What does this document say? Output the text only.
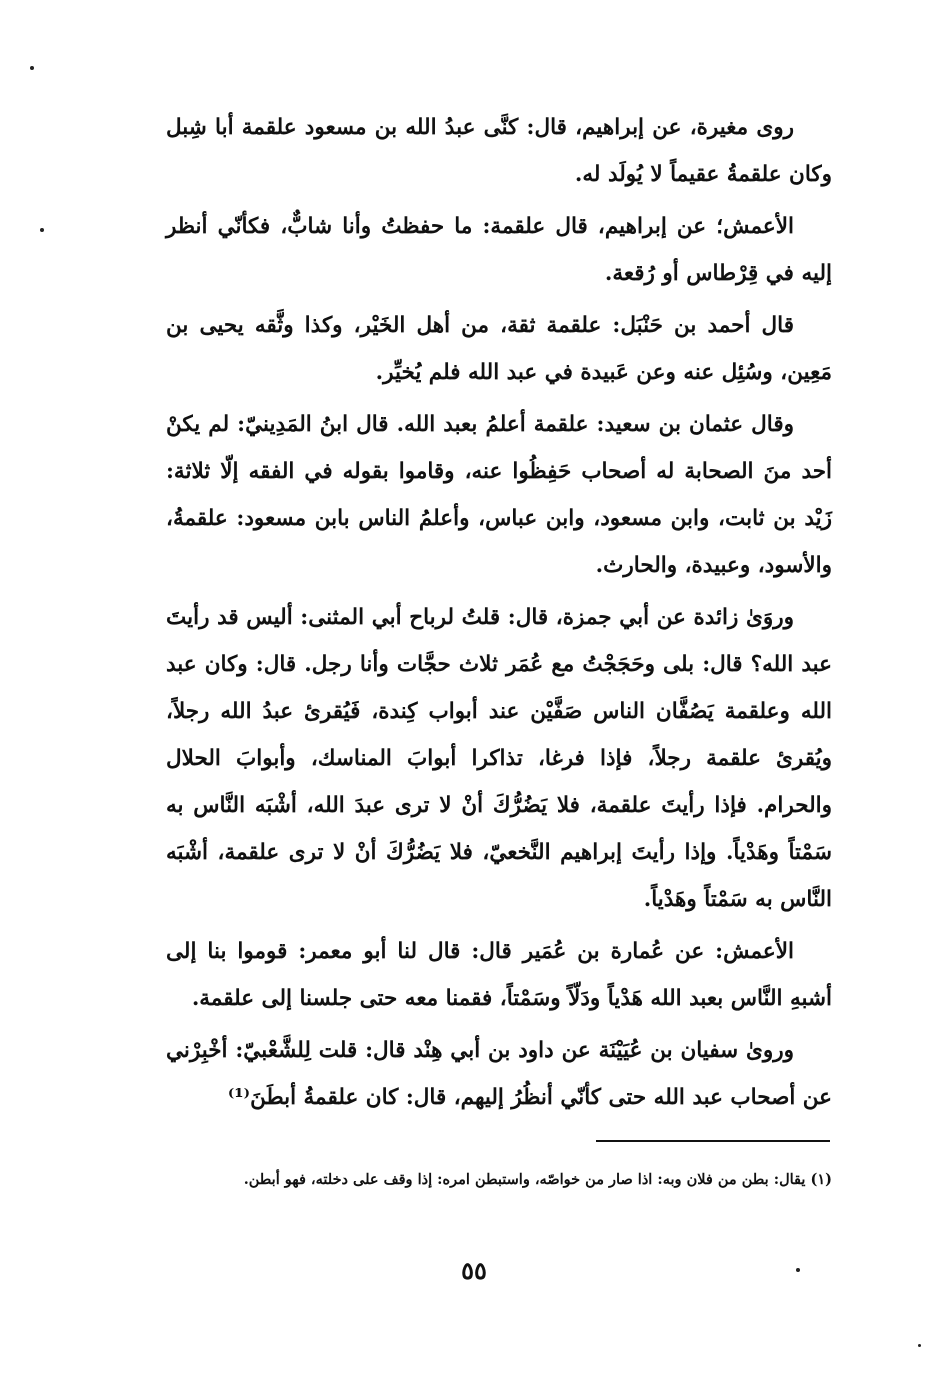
روى مغيرة، عن إبراهيم، قال: كنَّى عبدُ الله بن مسعود علقمة أبا شِبل وكان علقمةُ عقيماً لا يُولَد له.

الأعمش؛ عن إبراهيم، قال علقمة: ما حفظتُ وأنا شابٌّ، فكأنّي أنظر إليه في قِرْطاس أو رُقعة.

قال أحمد بن حَنْبَل: علقمة ثقة، من أهل الخَيْر، وكذا وثَّقه يحيى بن مَعِين، وسُئِل عنه وعن عَبيدة في عبد الله فلم يُخيِّر.

وقال عثمان بن سعيد: علقمة أعلمُ بعبد الله. قال ابنُ المَدِينيّ: لم يكنْ أحد منَ الصحابة له أصحاب حَفِظُوا عنه، وقاموا بقوله في الفقه إلّا ثلاثة: زَيْد بن ثابت، وابن مسعود، وابن عباس، وأعلمُ الناس بابن مسعود: علقمةُ، والأسود، وعبيدة، والحارث.

وروَىٰ زائدة عن أبي جمزة، قال: قلتُ لرباح أبي المثنى: أليس قد رأيتَ عبد الله؟ قال: بلى وحَجَجْتُ مع عُمَر ثلاث حجَّات وأنا رجل. قال: وكان عبد الله وعلقمة يَصُفَّان الناس صَفَّيْن عند أبواب كِندة، فَيُقرئ عبدُ الله رجلاً، ويُقرئ علقمة رجلاً، فإذا فرغا، تذاكرا أبوابَ المناسك، وأبوابَ الحلال والحرام. فإذا رأيتَ علقمة، فلا يَضُرُّكَ أنْ لا ترى عبدَ الله، أشْبَه النَّاس به سَمْتاً وهَدْياً. وإذا رأيتَ إبراهيم النَّخعيّ، فلا يَضُرُّكَ أنْ لا ترى علقمة، أشْبَه النَّاس به سَمْتاً وهَدْياً.

الأعمش: عن عُمارة بن عُمَير قال: قال لنا أبو معمر: قوموا بنا إلى أشبهِ النَّاس بعبد الله هَدْياً ودَلّاً وسَمْتاً، فقمنا معه حتى جلسنا إلى علقمة.

وروىٰ سفيان بن عُيَيْنَة عن داود بن أبي هِنْد قال: قلت لِلشَّعْبيّ: أخْبِرْني عن أصحاب عبد الله حتى كأنّي أنظُرُ إليهم، قال: كان علقمةُ أبطَنَ⁽¹⁾

(١) يقال: بطن من فلان وبه: اذا صار من خواصّه، واستبطن امره: إذا وقف على دخلته، فهو أبطن.
٥٥
